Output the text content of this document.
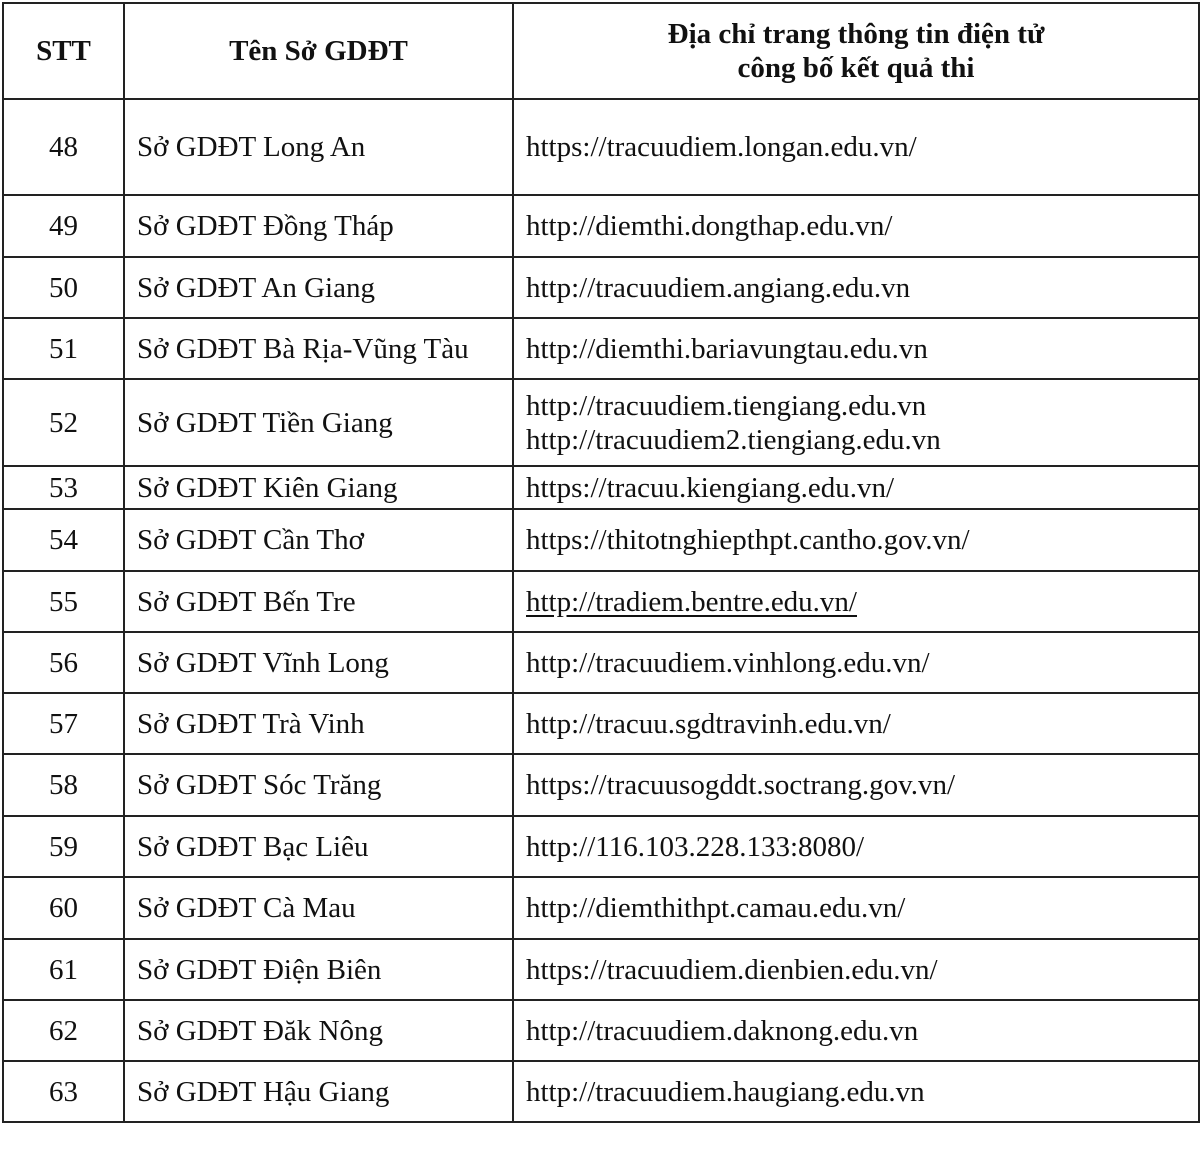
STT	Tên Sở GDĐT	Địa chỉ trang thông tin điện tử
công bố kết quả thi

48	Sở GDĐT Long An	https://tracuudiem.longan.edu.vn/

49	Sở GDĐT Đồng Tháp	http://diemthi.dongthap.edu.vn/

50	Sở GDĐT An Giang	http://tracuudiem.angiang.edu.vn

51	Sở GDĐT Bà Rịa-Vũng Tàu	http://diemthi.bariavungtau.edu.vn

52	Sở GDĐT Tiền Giang	http://tracuudiem.tiengiang.edu.vn
http://tracuudiem2.tiengiang.edu.vn

53	Sở GDĐT Kiên Giang	https://tracuu.kiengiang.edu.vn/

54	Sở GDĐT Cần Thơ	https://thitotnghiepthpt.cantho.gov.vn/

55	Sở GDĐT Bến Tre	http://tradiem.bentre.edu.vn/

56	Sở GDĐT Vĩnh Long	http://tracuudiem.vinhlong.edu.vn/

57	Sở GDĐT Trà Vinh	http://tracuu.sgdtravinh.edu.vn/

58	Sở GDĐT Sóc Trăng	https://tracuusogddt.soctrang.gov.vn/

59	Sở GDĐT Bạc Liêu	http://116.103.228.133:8080/

60	Sở GDĐT Cà Mau	http://diemthithpt.camau.edu.vn/

61	Sở GDĐT Điện Biên	https://tracuudiem.dienbien.edu.vn/

62	Sở GDĐT Đăk Nông	http://tracuudiem.daknong.edu.vn

63	Sở GDĐT Hậu Giang	http://tracuudiem.haugiang.edu.vn
